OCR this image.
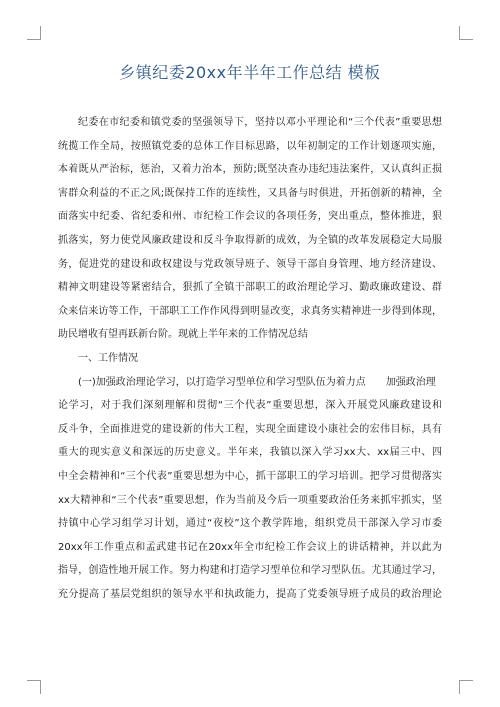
乡镇纪委20xx年半年工作总结 模板
纪委在市纪委和镇党委的坚强领导下，坚持以邓小平理论和“三个代表”重要思想
统揽工作全局，按照镇党委的总体工作目标思路，以年初制定的工作计划逐项实施，
本着既从严治标，惩治，又着力治本，预防;既坚决查办违纪违法案件，又认真纠正损
害群众利益的不正之风;既保持工作的连续性，又具备与时俱进，开拓创新的精神，全
面落实中纪委、省纪委和州、市纪检工作会议的各项任务，突出重点，整体推进，狠
抓落实，努力使党风廉政建设和反斗争取得新的成效，为全镇的改革发展稳定大局服
务，促进党的建设和政权建设与党政领导班子、领导干部自身管理、地方经济建设、
精神文明建设等紧密结合，狠抓了全镇干部职工的政治理论学习、勤政廉政建设、群
众来信来访等工作，干部职工工作作风得到明显改变，求真务实精神进一步得到体现，
助民增收有望再跃新台阶。现就上半年来的工作情况总结
一、工作情况
(一)加强政治理论学习，以打造学习型单位和学习型队伍为着力点 加强政治理
论学习，对于我们深刻理解和贯彻“三个代表”重要思想，深入开展党风廉政建设和
反斗争，全面推进党的建设新的伟大工程，实现全面建设小康社会的宏伟目标，具有
重大的现实意义和深远的历史意义。半年来，我镇以深入学习xx大、xx届三中、四
中全会精神和“三个代表”重要思想为中心，抓干部职工的学习培训。把学习贯彻落实
xx大精神和“三个代表”重要思想，作为当前及今后一项重要政治任务来抓牢抓实，坚
持镇中心学习组学习计划，通过“夜校”这个教学阵地，组织党员干部深入学习市委
20xx年工作重点和孟武建书记在20xx年全市纪检工作会议上的讲话精神，并以此为
指导，创造性地开展工作。努力构建和打造学习型单位和学习型队伍。尤其通过学习，
充分提高了基层党组织的领导水平和执政能力，提高了党委领导班子成员的政治理论
